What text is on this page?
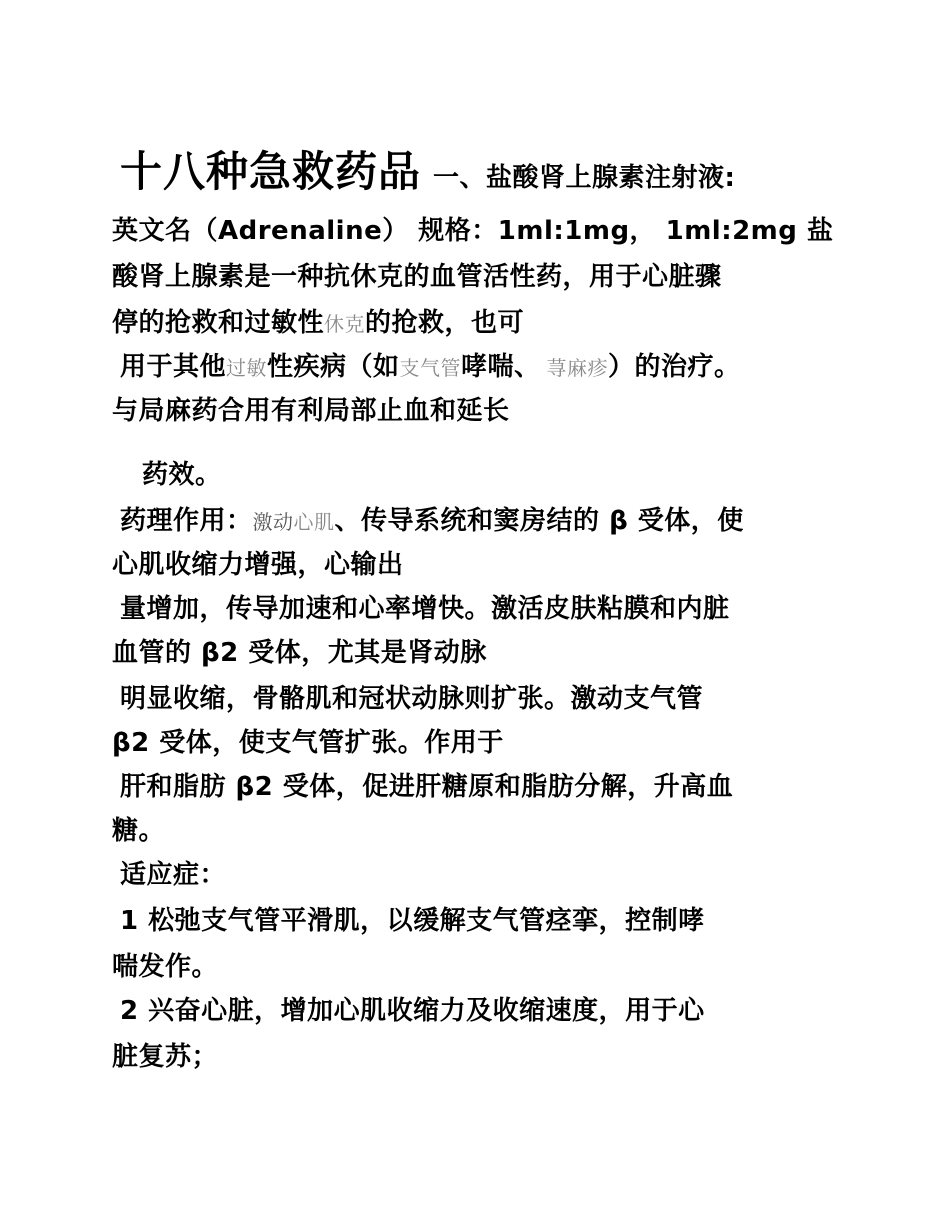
十八种急救药品 一、盐酸肾上腺素注射液:
英文名（Adrenaline） 规格：1ml:1mg， 1ml:2mg 盐
酸肾上腺素是一种抗休克的血管活性药，用于心脏骤
停的抢救和过敏性休克的抢救，也可
用于其他过敏性疾病（如支气管哮喘、 荨麻疹）的治疗。
与局麻药合用有利局部止血和延长
药效。
药理作用：激动心肌、传导系统和窦房结的 β 受体，使
心肌收缩力增强，心输出
量增加，传导加速和心率增快。激活皮肤粘膜和内脏
血管的 β2 受体，尤其是肾动脉
明显收缩，骨骼肌和冠状动脉则扩张。激动支气管
β2 受体，使支气管扩张。作用于
肝和脂肪 β2 受体，促进肝糖原和脂肪分解，升高血
糖。
适应症：
1 松弛支气管平滑肌，以缓解支气管痉挛，控制哮
喘发作。
2 兴奋心脏，增加心肌收缩力及收缩速度，用于心
脏复苏；
